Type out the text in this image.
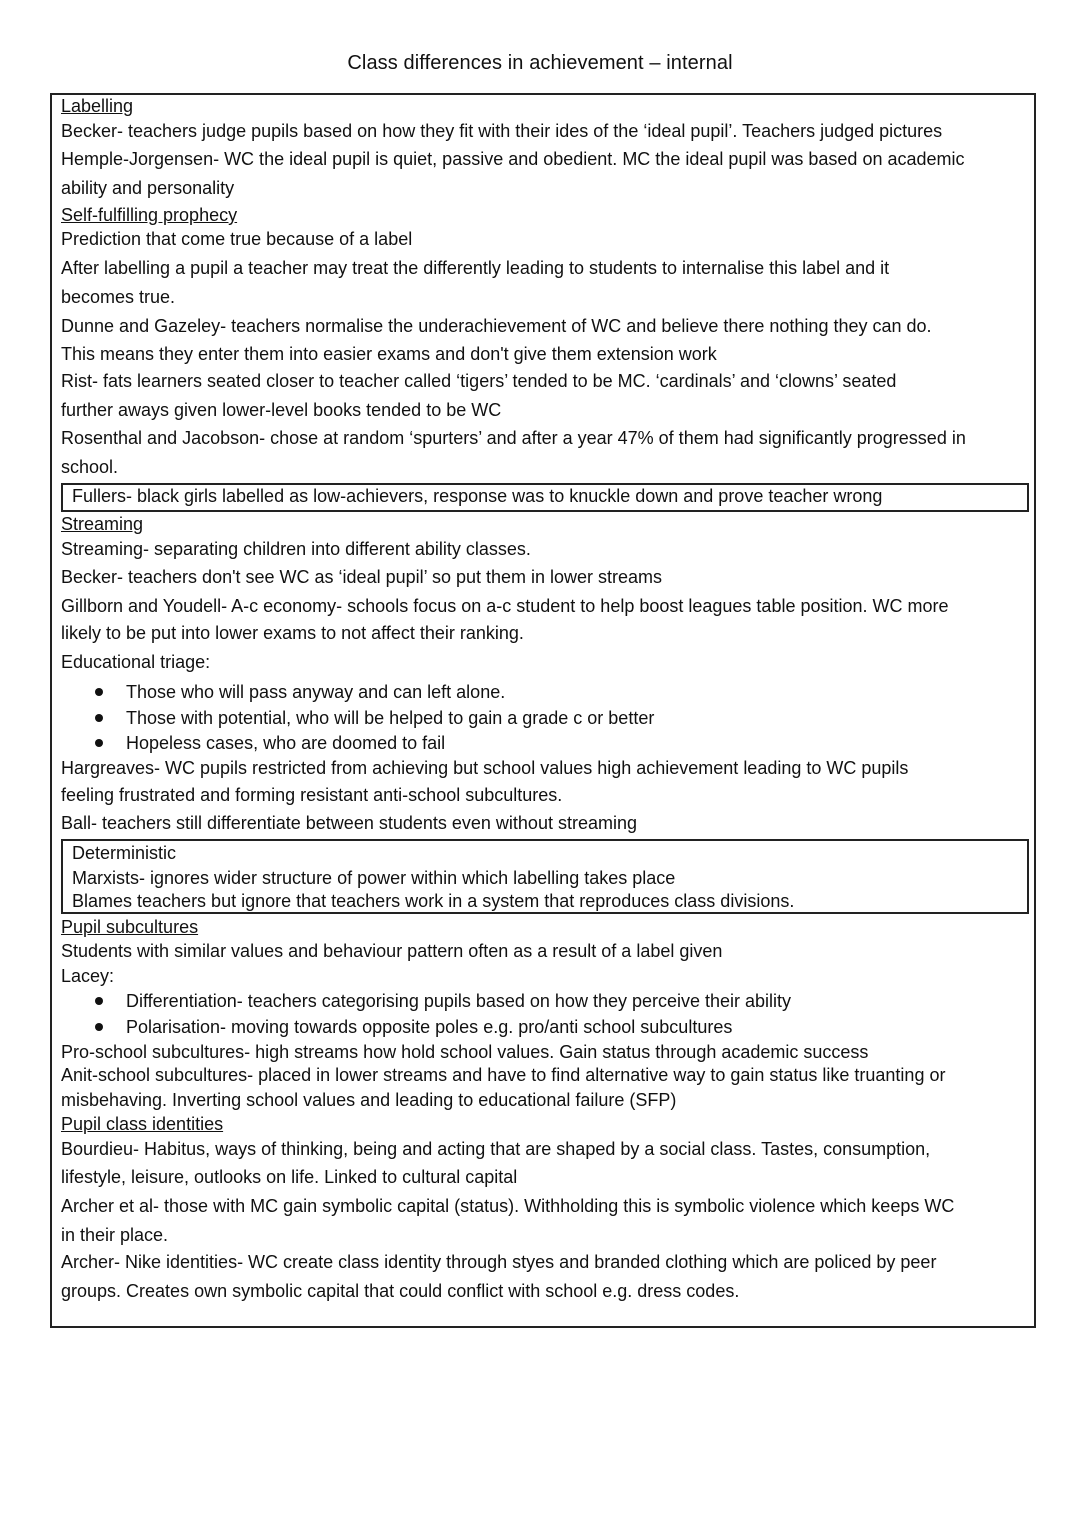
Class differences in achievement – internal
Labelling
Becker- teachers judge pupils based on how they fit with their ides of the ‘ideal pupil’. Teachers judged pictures
Hemple-Jorgensen- WC the ideal pupil is quiet, passive and obedient. MC the ideal pupil was based on academic
ability and personality
Self-fulfilling prophecy
Prediction that come true because of a label
After labelling a pupil a teacher may treat the differently leading to students to internalise this label and it
becomes true.
Dunne and Gazeley- teachers normalise the underachievement of WC and believe there nothing they can do.
This means they enter them into easier exams and don't give them extension work
Rist- fats learners seated closer to teacher called ‘tigers’ tended to be MC. ‘cardinals’ and ‘clowns’ seated
further aways given lower-level books tended to be WC
Rosenthal and Jacobson- chose at random ‘spurters’ and after a year 47% of them had significantly progressed in
school.
Fullers- black girls labelled as low-achievers, response was to knuckle down and prove teacher wrong
Streaming
Streaming- separating children into different ability classes.
Becker- teachers don't see WC as ‘ideal pupil’ so put them in lower streams
Gillborn and Youdell- A-c economy- schools focus on a-c student to help boost leagues table position. WC more
likely to be put into lower exams to not affect their ranking.
Educational triage:
Those who will pass anyway and can left alone.
Those with potential, who will be helped to gain a grade c or better
Hopeless cases, who are doomed to fail
Hargreaves- WC pupils restricted from achieving but school values high achievement leading to WC pupils
feeling frustrated and forming resistant anti-school subcultures.
Ball- teachers still differentiate between students even without streaming
Deterministic
Marxists- ignores wider structure of power within which labelling takes place
Blames teachers but ignore that teachers work in a system that reproduces class divisions.
Pupil subcultures
Students with similar values and behaviour pattern often as a result of a label given
Lacey:
Differentiation- teachers categorising pupils based on how they perceive their ability
Polarisation- moving towards opposite poles e.g. pro/anti school subcultures
Pro-school subcultures- high streams how hold school values. Gain status through academic success
Anit-school subcultures- placed in lower streams and have to find alternative way to gain status like truanting or
misbehaving. Inverting school values and leading to educational failure (SFP)
Pupil class identities
Bourdieu- Habitus, ways of thinking, being and acting that are shaped by a social class. Tastes, consumption,
lifestyle, leisure, outlooks on life. Linked to cultural capital
Archer et al- those with MC gain symbolic capital (status). Withholding this is symbolic violence which keeps WC
in their place.
Archer- Nike identities- WC create class identity through styes and branded clothing which are policed by peer
groups. Creates own symbolic capital that could conflict with school e.g. dress codes.
